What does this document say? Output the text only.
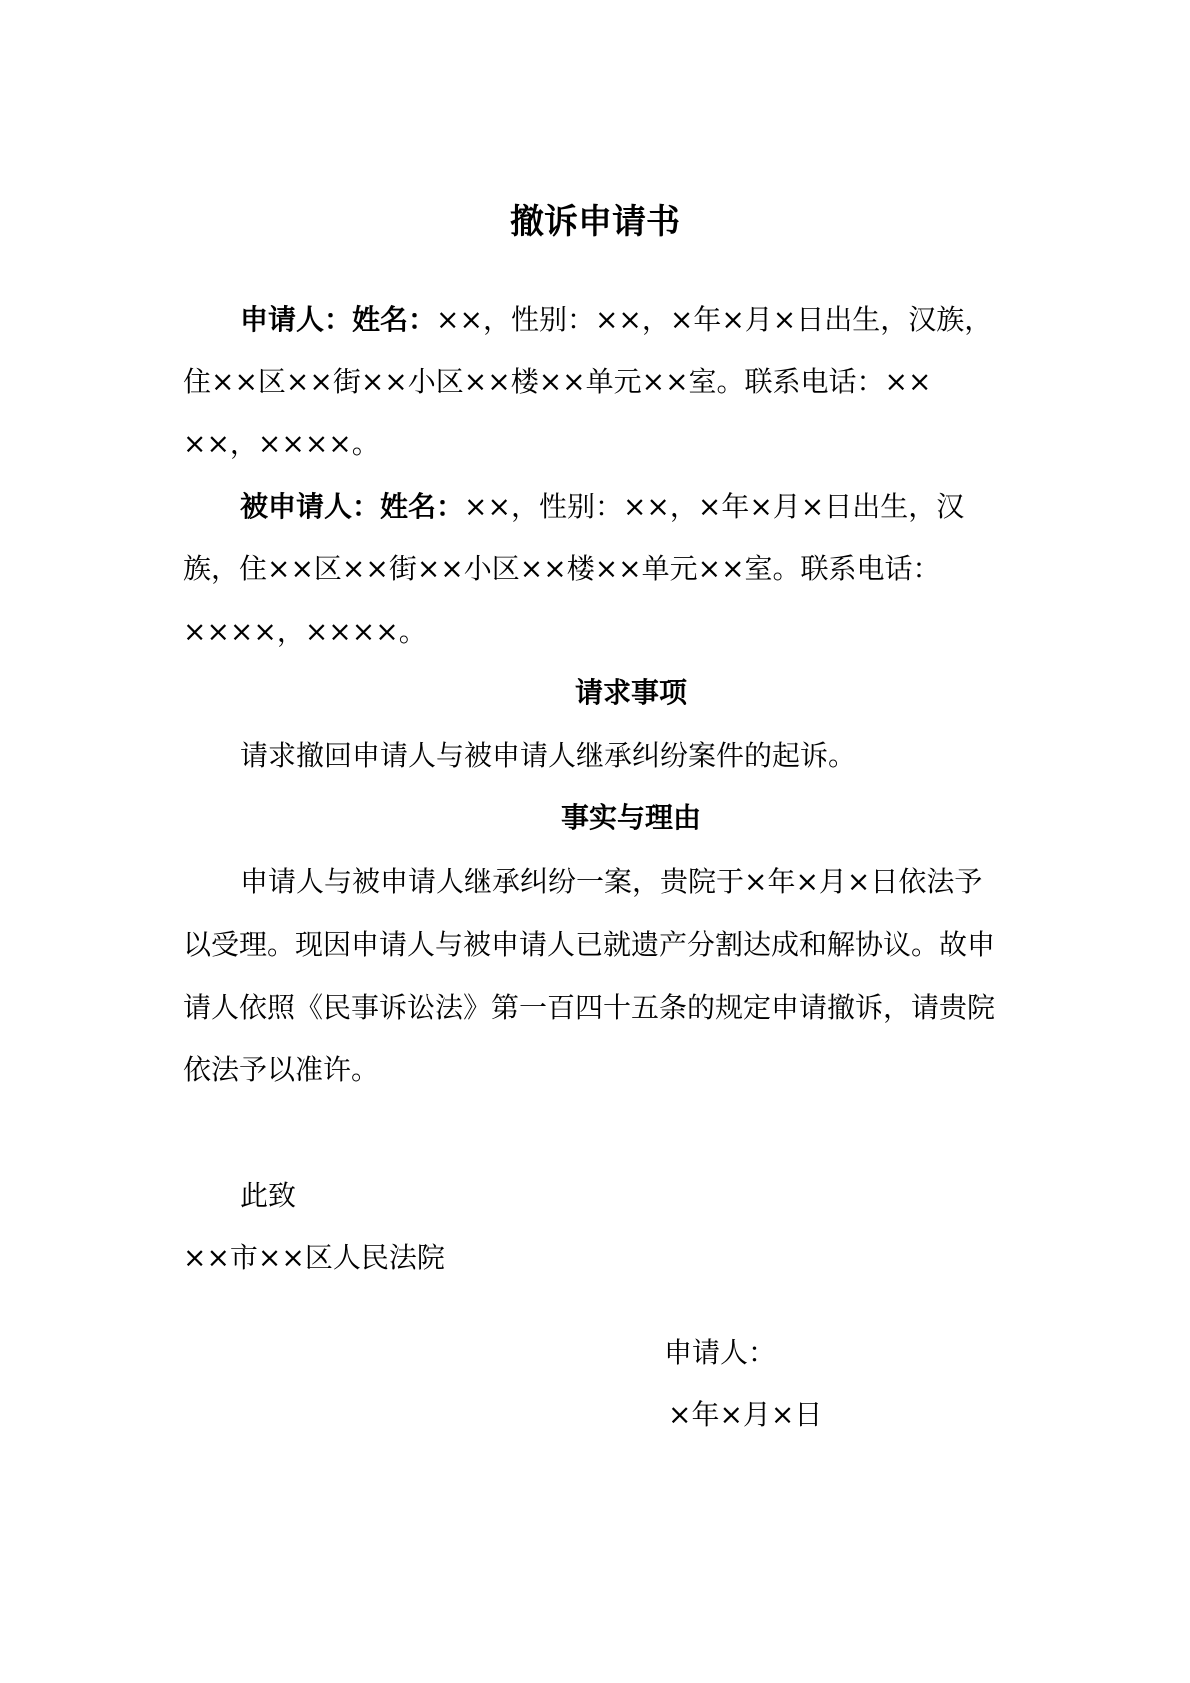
撤诉申请书
申请人：姓名：××，性别：××，×年×月×日出生，汉族，
住××区××街××小区××楼××单元××室。联系电话：××
××，××××。
被申请人：姓名：××，性别：××，×年×月×日出生，汉
族，住××区××街××小区××楼××单元××室。联系电话：
××××，××××。
请求事项
请求撤回申请人与被申请人继承纠纷案件的起诉。
事实与理由
申请人与被申请人继承纠纷一案，贵院于×年×月×日依法予
以受理。现因申请人与被申请人已就遗产分割达成和解协议。故申
请人依照《民事诉讼法》第一百四十五条的规定申请撤诉，请贵院
依法予以准许。
此致
××市××区人民法院
申请人：
×年×月×日
